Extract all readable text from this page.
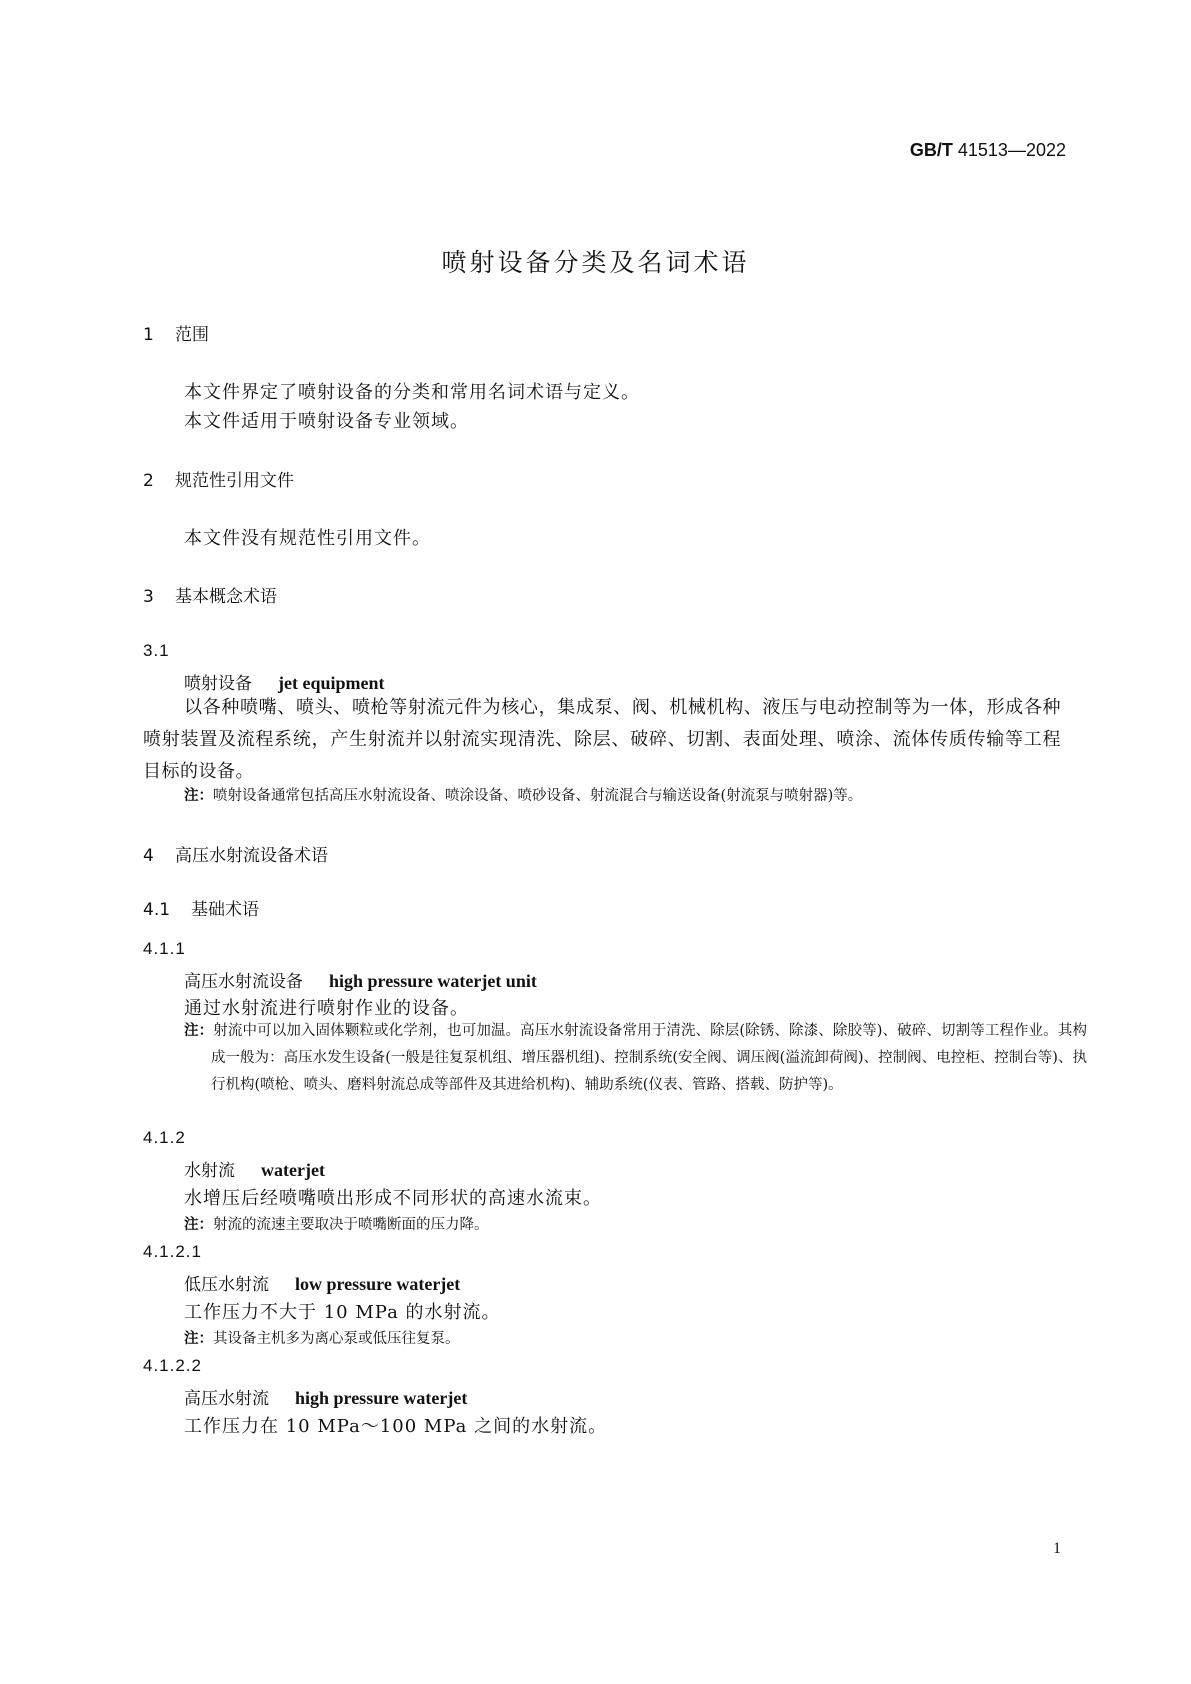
GB/T 41513—2022
喷射设备分类及名词术语
1 范围
本文件界定了喷射设备的分类和常用名词术语与定义。
本文件适用于喷射设备专业领域。
2 规范性引用文件
本文件没有规范性引用文件。
3 基本概念术语
3.1
喷射设备 jet equipment
以各种喷嘴、喷头、喷枪等射流元件为核心，集成泵、阀、机械机构、液压与电动控制等为一体，形成各种喷射装置及流程系统，产生射流并以射流实现清洗、除层、破碎、切割、表面处理、喷涂、流体传质传输等工程目标的设备。
注：喷射设备通常包括高压水射流设备、喷涂设备、喷砂设备、射流混合与输送设备(射流泵与喷射器)等。
4 高压水射流设备术语
4.1 基础术语
4.1.1
高压水射流设备 high pressure waterjet unit
通过水射流进行喷射作业的设备。
注：射流中可以加入固体颗粒或化学剂，也可加温。高压水射流设备常用于清洗、除层(除锈、除漆、除胶等)、破碎、切割等工程作业。其构成一般为：高压水发生设备(一般是往复泵机组、增压器机组)、控制系统(安全阀、调压阀(溢流卸荷阀)、控制阀、电控柜、控制台等)、执行机构(喷枪、喷头、磨料射流总成等部件及其进给机构)、辅助系统(仪表、管路、搭载、防护等)。
4.1.2
水射流 waterjet
水增压后经喷嘴喷出形成不同形状的高速水流束。
注：射流的流速主要取决于喷嘴断面的压力降。
4.1.2.1
低压水射流 low pressure waterjet
工作压力不大于 10 MPa 的水射流。
注：其设备主机多为离心泵或低压往复泵。
4.1.2.2
高压水射流 high pressure waterjet
工作压力在 10 MPa～100 MPa 之间的水射流。
1
